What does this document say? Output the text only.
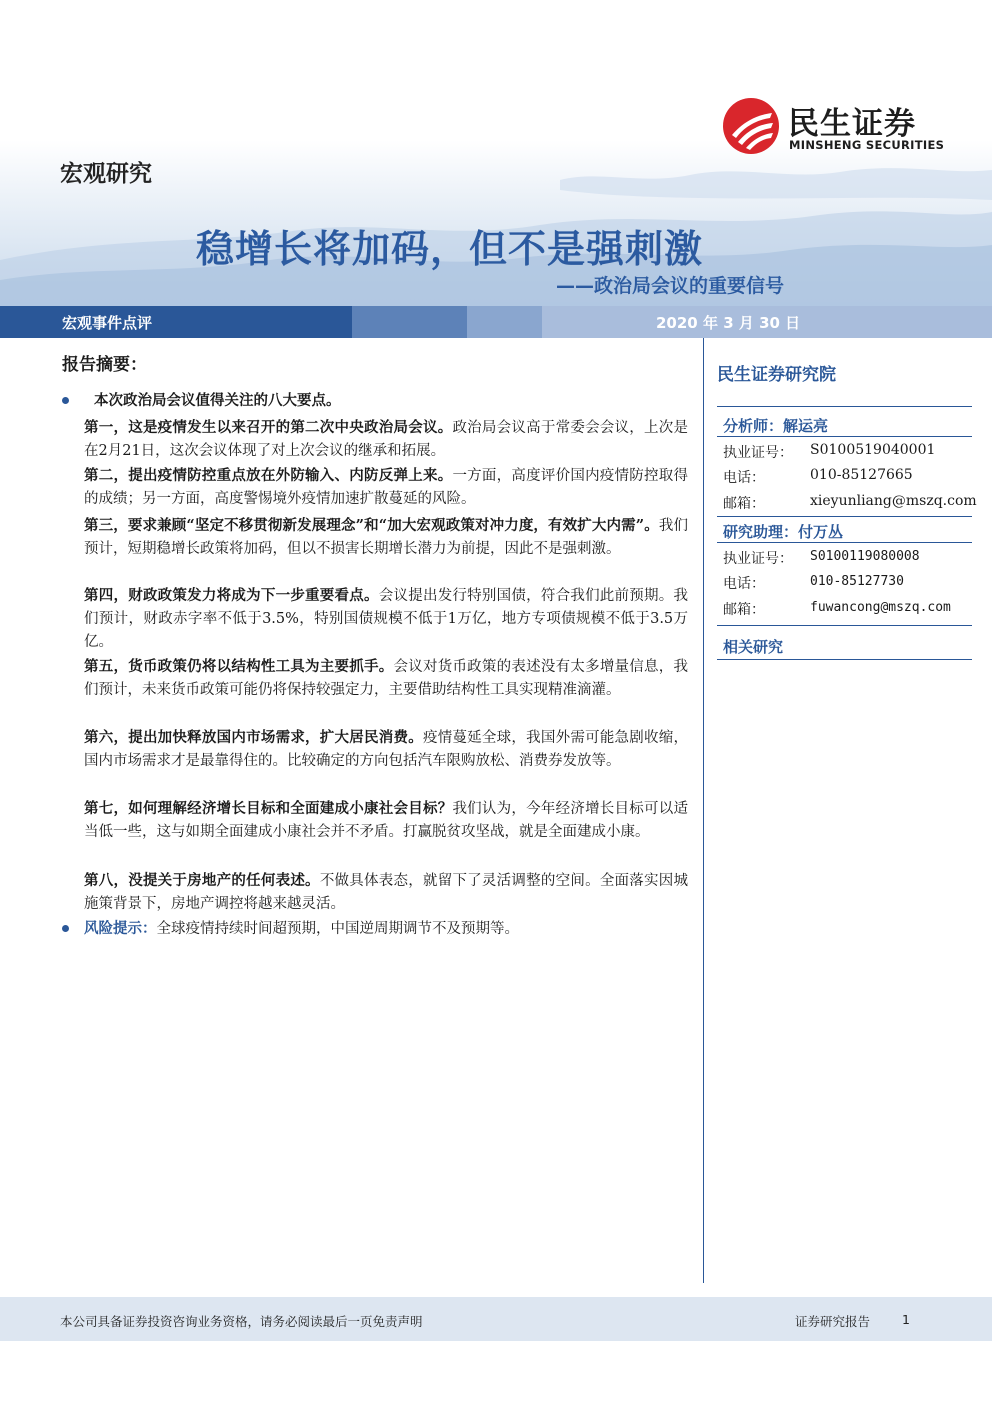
民生证券
MINSHENG SECURITIES
宏观研究
稳增长将加码，但不是强刺激
——政治局会议的重要信号
宏观事件点评	2020 年 3 月 30 日
报告摘要：
本次政治局会议值得关注的八大要点。
第一，这是疫情发生以来召开的第二次中央政治局会议。政治局会议高于常委会会议，上次是在2月21日，这次会议体现了对上次会议的继承和拓展。
第二，提出疫情防控重点放在外防输入、内防反弹上来。一方面，高度评价国内疫情防控取得的成绩；另一方面，高度警惕境外疫情加速扩散蔓延的风险。
第三，要求兼顾“坚定不移贯彻新发展理念”和“加大宏观政策对冲力度，有效扩大内需”。我们预计，短期稳增长政策将加码，但以不损害长期增长潜力为前提，因此不是强刺激。
第四，财政政策发力将成为下一步重要看点。会议提出发行特别国债，符合我们此前预期。我们预计，财政赤字率不低于3.5%，特别国债规模不低于1万亿，地方专项债规模不低于3.5万亿。
第五，货币政策仍将以结构性工具为主要抓手。会议对货币政策的表述没有太多增量信息，我们预计，未来货币政策可能仍将保持较强定力，主要借助结构性工具实现精准滴灌。
第六，提出加快释放国内市场需求，扩大居民消费。疫情蔓延全球，我国外需可能急剧收缩，国内市场需求才是最靠得住的。比较确定的方向包括汽车限购放松、消费券发放等。
第七，如何理解经济增长目标和全面建成小康社会目标？我们认为，今年经济增长目标可以适当低一些，这与如期全面建成小康社会并不矛盾。打赢脱贫攻坚战，就是全面建成小康。
第八，没提关于房地产的任何表述。不做具体表态，就留下了灵活调整的空间。全面落实因城施策背景下，房地产调控将越来越灵活。
风险提示：全球疫情持续时间超预期，中国逆周期调节不及预期等。
民生证券研究院
分析师：解运亮
执业证号： S0100519040001
电话：	010-85127665
邮箱：	xieyunliang@mszq.com
研究助理：付万丛
执业证号： S0100119080008
电话：	010-85127730
邮箱：	fuwancong@mszq.com
相关研究
本公司具备证券投资咨询业务资格，请务必阅读最后一页免责声明	证券研究报告	1
